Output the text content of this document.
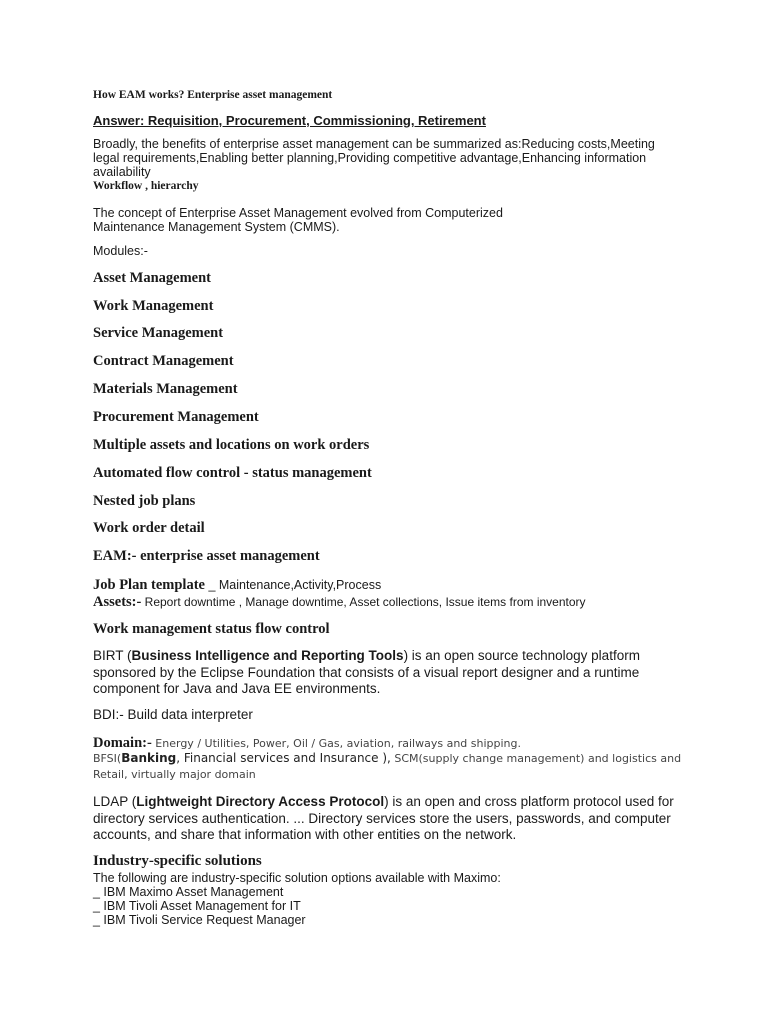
How EAM works? Enterprise asset management
Answer: Requisition, Procurement, Commissioning, Retirement
Broadly, the benefits of enterprise asset management can be summarized as:Reducing costs,Meeting legal requirements,Enabling better planning,Providing competitive advantage,Enhancing information availability
Workflow , hierarchy
The concept of Enterprise Asset Management evolved from Computerized
Maintenance Management System (CMMS).
Modules:-
Asset Management
Work Management
Service Management
Contract Management
Materials Management
Procurement Management
Multiple assets and locations on work orders
Automated flow control - status management
Nested job plans
Work order detail
EAM:- enterprise asset management
Job Plan template _ Maintenance,Activity,Process
Assets:- Report downtime , Manage downtime, Asset collections, Issue items from inventory
Work management status flow control
BIRT (Business Intelligence and Reporting Tools) is an open source technology platform sponsored by the Eclipse Foundation that consists of a visual report designer and a runtime component for Java and Java EE environments.
BDI:- Build data interpreter
Domain:- Energy / Utilities, Power, Oil / Gas, aviation, railways and shipping.
BFSI(Banking, Financial services and Insurance ), SCM(supply change management) and logistics and
Retail, virtually major domain
LDAP (Lightweight Directory Access Protocol) is an open and cross platform protocol used for directory services authentication. ... Directory services store the users, passwords, and computer accounts, and share that information with other entities on the network.
Industry-specific solutions
The following are industry-specific solution options available with Maximo:
_ IBM Maximo Asset Management
_ IBM Tivoli Asset Management for IT
_ IBM Tivoli Service Request Manager
